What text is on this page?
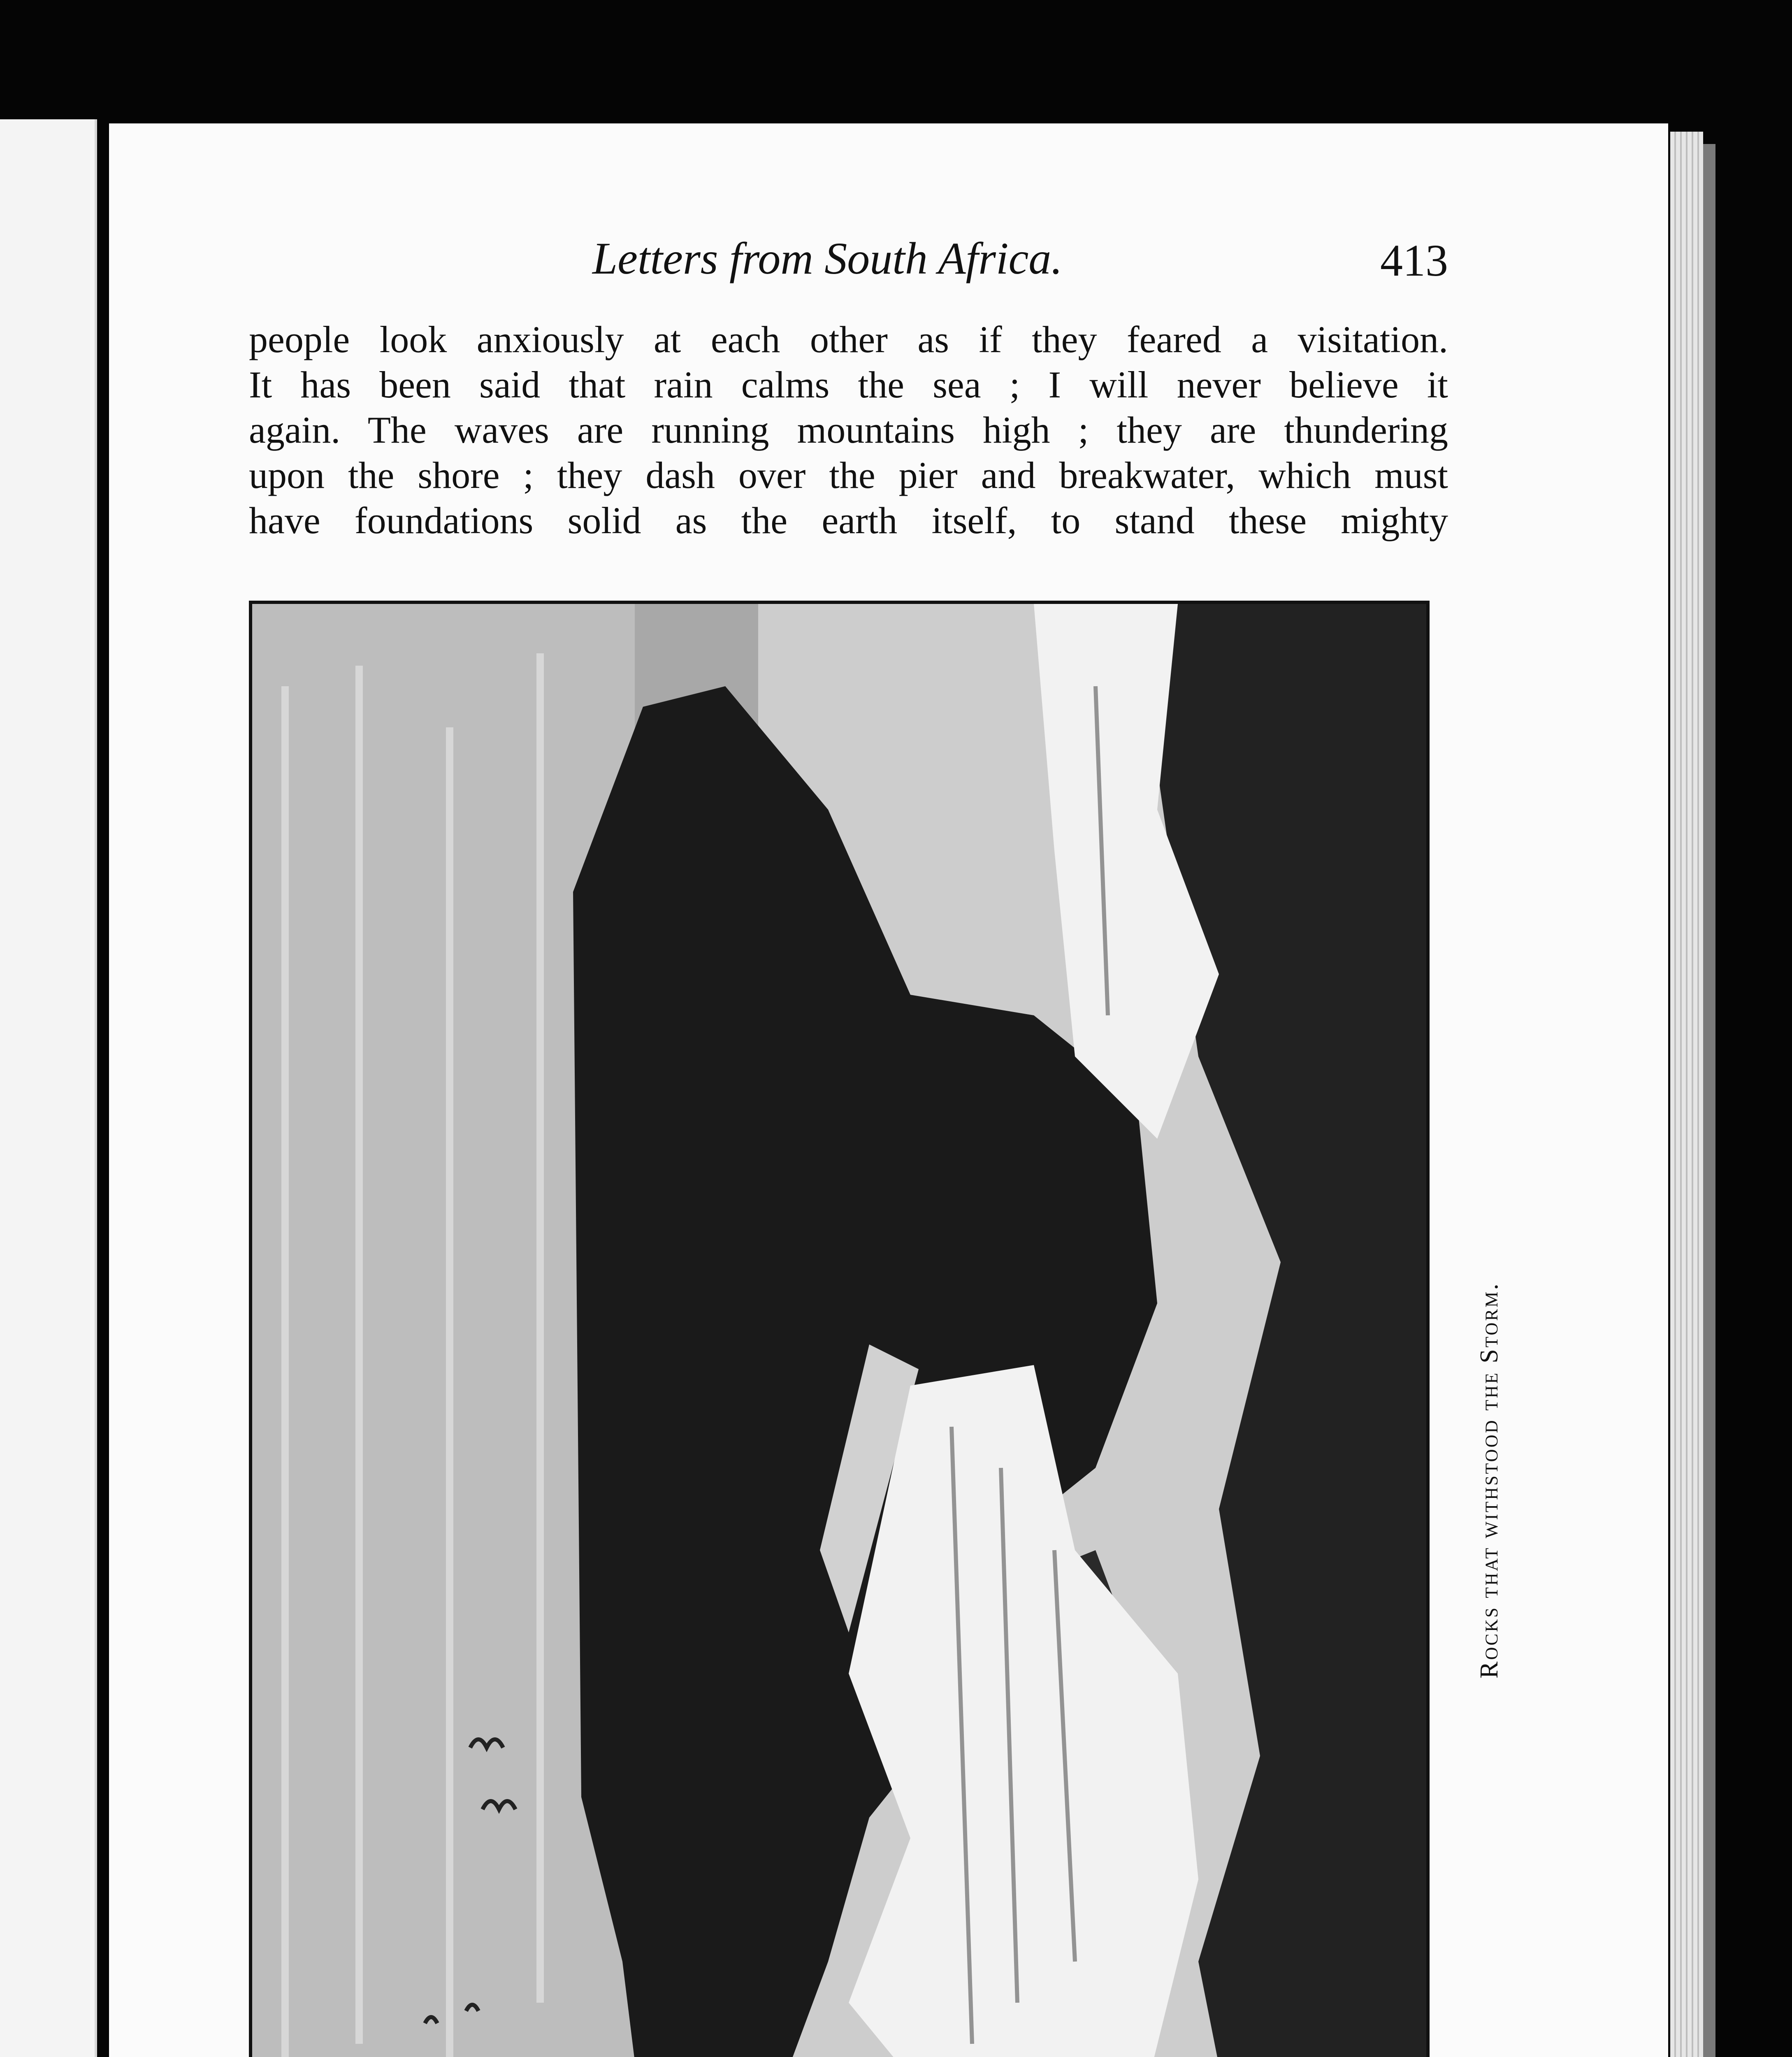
Letters from South Africa.	413
people look anxiously at each other as if they feared a visitation.
It has been said that rain calms the sea ; I will never believe it
again. The waves are running mountains high ; they are thundering
upon the shore ; they dash over the pier and breakwater, which must
have foundations solid as the earth itself, to stand these mighty
Rocks that withstood the Storm.
